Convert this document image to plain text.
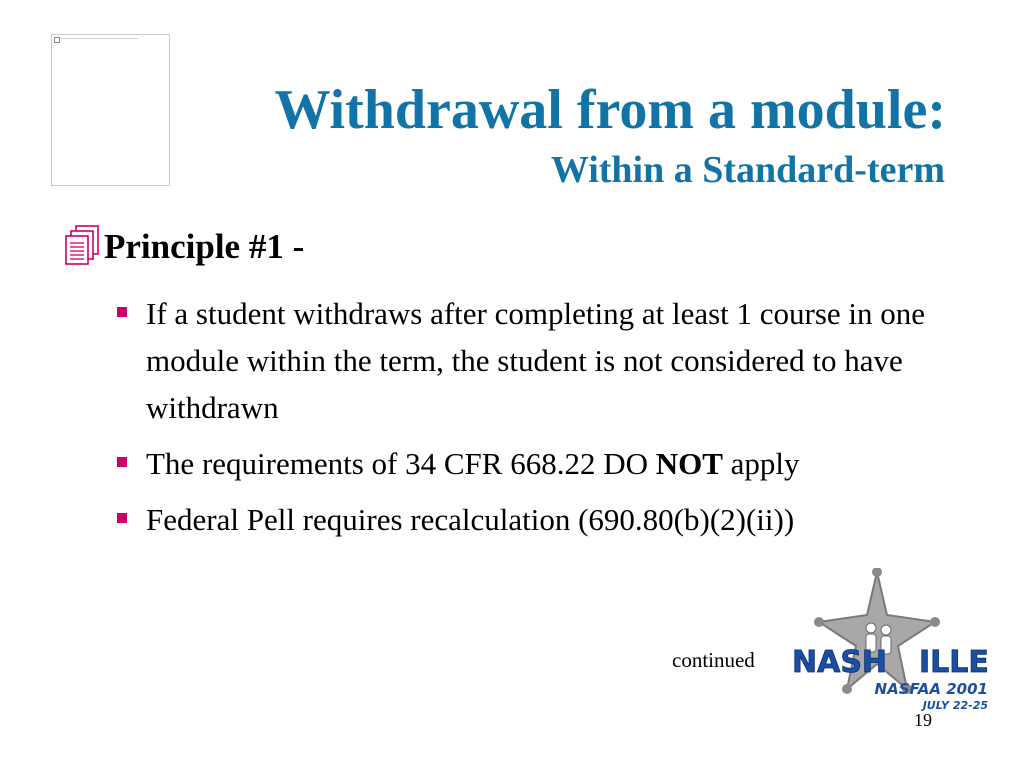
Withdrawal from a module:
Within a Standard-term
Principle #1 -
If a student withdraws after completing at least 1 course in one module within the term, the student is not considered to have withdrawn
The requirements of 34 CFR 668.22 DO NOT apply
Federal Pell requires recalculation (690.80(b)(2)(ii))
continued NASH ILLE
NASFAA 2001
JULY 22-25
19
